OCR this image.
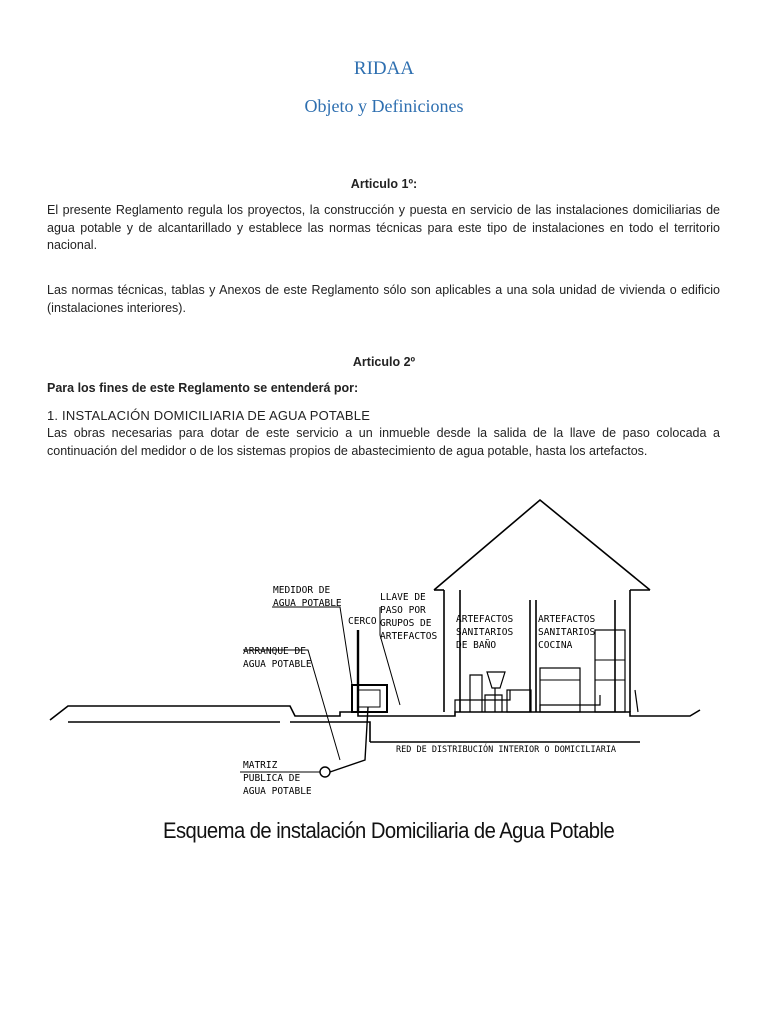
RIDAA
Objeto y Definiciones
Articulo 1º:
El presente Reglamento regula los proyectos, la construcción y puesta en servicio de las instalaciones domiciliarias de agua potable y de alcantarillado y establece las normas técnicas para este tipo de instalaciones en todo el territorio nacional.
Las normas técnicas, tablas y Anexos de este Reglamento sólo son aplicables a una sola unidad de vivienda o edificio (instalaciones interiores).
Articulo 2º
Para los fines de este Reglamento se entenderá por:
1. INSTALACIÓN DOMICILIARIA DE AGUA POTABLE
Las obras necesarias para dotar de este servicio a un inmueble desde la salida de la llave de paso colocada a continuación del medidor o de los sistemas propios de abastecimiento de agua potable, hasta los artefactos.
MEDIDOR DE
AGUA POTABLE
CERCO
LLAVE DE
PASO POR
GRUPOS DE
ARTEFACTOS
ARTEFACTOS
SANITARIOS
DE BAÑO
ARTEFACTOS
SANITARIOS
COCINA
ARRANQUE DE
AGUA POTABLE
RED DE DISTRIBUCIÓN INTERIOR O DOMICILIARIA
MATRIZ
PUBLICA DE
AGUA POTABLE
Esquema de instalación Domiciliaria de Agua Potable
